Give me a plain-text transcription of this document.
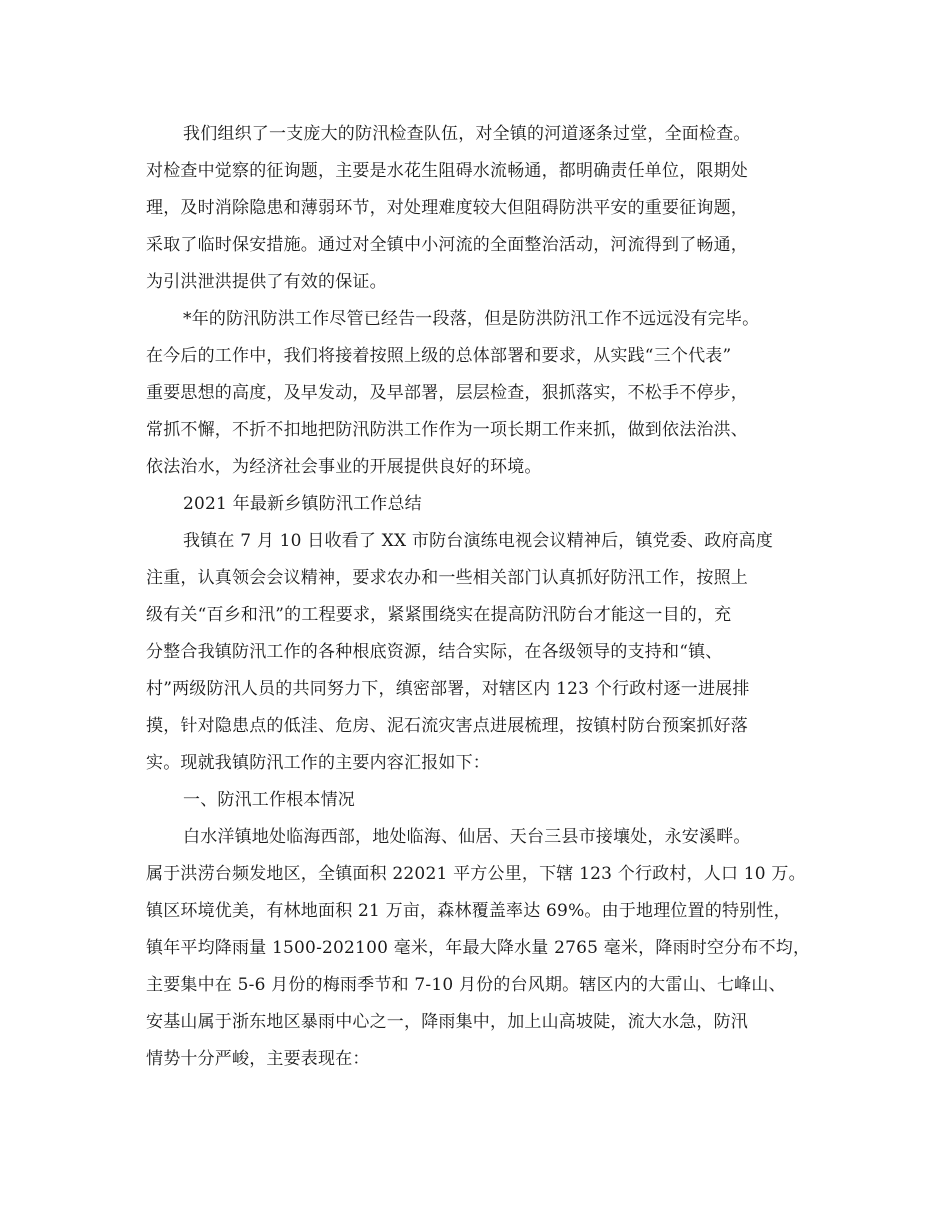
我们组织了一支庞大的防汛检查队伍，对全镇的河道逐条过堂，全面检查。
对检查中觉察的征询题，主要是水花生阻碍水流畅通，都明确责任单位，限期处
理，及时消除隐患和薄弱环节，对处理难度较大但阻碍防洪平安的重要征询题，
采取了临时保安措施。通过对全镇中小河流的全面整治活动，河流得到了畅通，
为引洪泄洪提供了有效的保证。
*年的防汛防洪工作尽管已经告一段落，但是防洪防汛工作不远远没有完毕。
在今后的工作中，我们将接着按照上级的总体部署和要求，从实践“三个代表”
重要思想的高度，及早发动，及早部署，层层检查，狠抓落实，不松手不停步，
常抓不懈，不折不扣地把防汛防洪工作作为一项长期工作来抓，做到依法治洪、
依法治水，为经济社会事业的开展提供良好的环境。
2021 年最新乡镇防汛工作总结
我镇在 7 月 10 日收看了 XX 市防台演练电视会议精神后，镇党委、政府高度
注重，认真领会会议精神，要求农办和一些相关部门认真抓好防汛工作，按照上
级有关“百乡和汛”的工程要求，紧紧围绕实在提高防汛防台才能这一目的，充
分整合我镇防汛工作的各种根底资源，结合实际，在各级领导的支持和“镇、
村”两级防汛人员的共同努力下，缜密部署，对辖区内 123 个行政村逐一进展排
摸，针对隐患点的低洼、危房、泥石流灾害点进展梳理，按镇村防台预案抓好落
实。现就我镇防汛工作的主要内容汇报如下：
一、防汛工作根本情况
白水洋镇地处临海西部，地处临海、仙居、天台三县市接壤处，永安溪畔。
属于洪涝台频发地区，全镇面积 22021 平方公里，下辖 123 个行政村，人口 10 万。
镇区环境优美，有林地面积 21 万亩，森林覆盖率达 69%。由于地理位置的特别性，
镇年平均降雨量 1500-202100 毫米，年最大降水量 2765 毫米，降雨时空分布不均，
主要集中在 5-6 月份的梅雨季节和 7-10 月份的台风期。辖区内的大雷山、七峰山、
安基山属于浙东地区暴雨中心之一，降雨集中，加上山高坡陡，流大水急，防汛
情势十分严峻，主要表现在：
